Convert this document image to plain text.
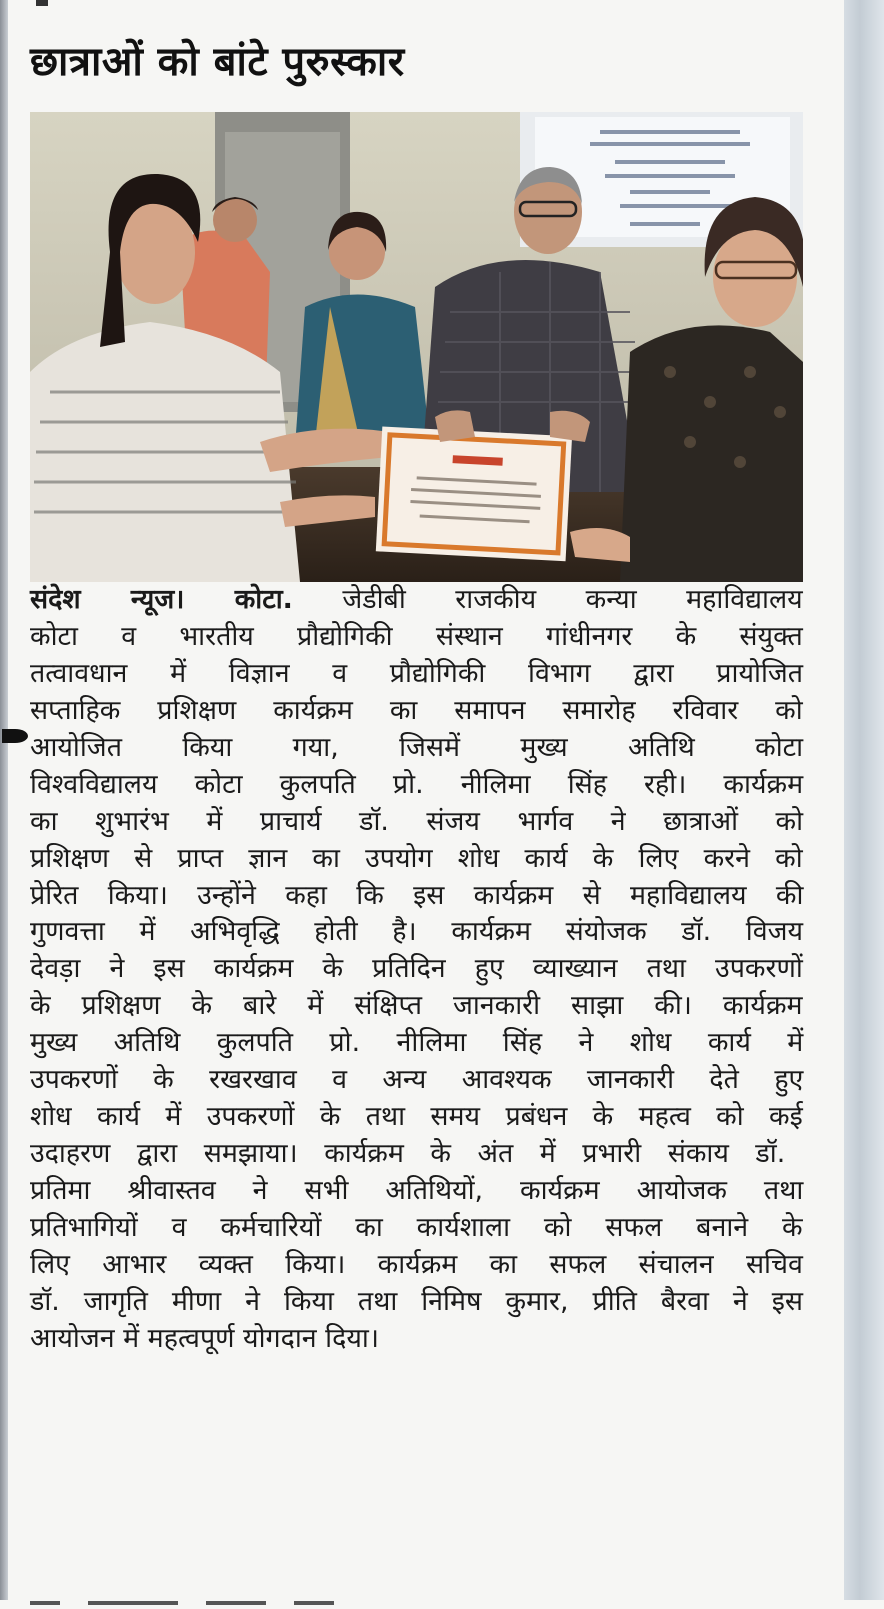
छात्राओं को बांटे पुरुस्कार
संदेश न्यूज। कोटा. जेडीबी राजकीय कन्या महाविद्यालय
कोटा व भारतीय प्रौद्योगिकी संस्थान गांधीनगर के संयुक्त
तत्वावधान में विज्ञान व प्रौद्योगिकी विभाग द्वारा प्रायोजित
सप्ताहिक प्रशिक्षण कार्यक्रम का समापन समारोह रविवार को
आयोजित किया गया, जिसमें मुख्य अतिथि कोटा
विश्वविद्यालय कोटा कुलपति प्रो. नीलिमा सिंह रही। कार्यक्रम
का शुभारंभ में प्राचार्य डॉ. संजय भार्गव ने छात्राओं को
प्रशिक्षण से प्राप्त ज्ञान का उपयोग शोध कार्य के लिए करने को
प्रेरित किया। उन्होंने कहा कि इस कार्यक्रम से महाविद्यालय की
गुणवत्ता में अभिवृद्धि होती है। कार्यक्रम संयोजक डॉ. विजय
देवड़ा ने इस कार्यक्रम के प्रतिदिन हुए व्याख्यान तथा उपकरणों
के प्रशिक्षण के बारे में संक्षिप्त जानकारी साझा की। कार्यक्रम
मुख्य अतिथि कुलपति प्रो. नीलिमा सिंह ने शोध कार्य में
उपकरणों के रखरखाव व अन्य आवश्यक जानकारी देते हुए
शोध कार्य में उपकरणों के तथा समय प्रबंधन के महत्व को कई
उदाहरण द्वारा समझाया। कार्यक्रम के अंत में प्रभारी संकाय डॉ.
प्रतिमा श्रीवास्तव ने सभी अतिथियों, कार्यक्रम आयोजक तथा
प्रतिभागियों व कर्मचारियों का कार्यशाला को सफल बनाने के
लिए आभार व्यक्त किया। कार्यक्रम का सफल संचालन सचिव
डॉ. जागृति मीणा ने किया तथा निमिष कुमार, प्रीति बैरवा ने इस
आयोजन में महत्वपूर्ण योगदान दिया।
